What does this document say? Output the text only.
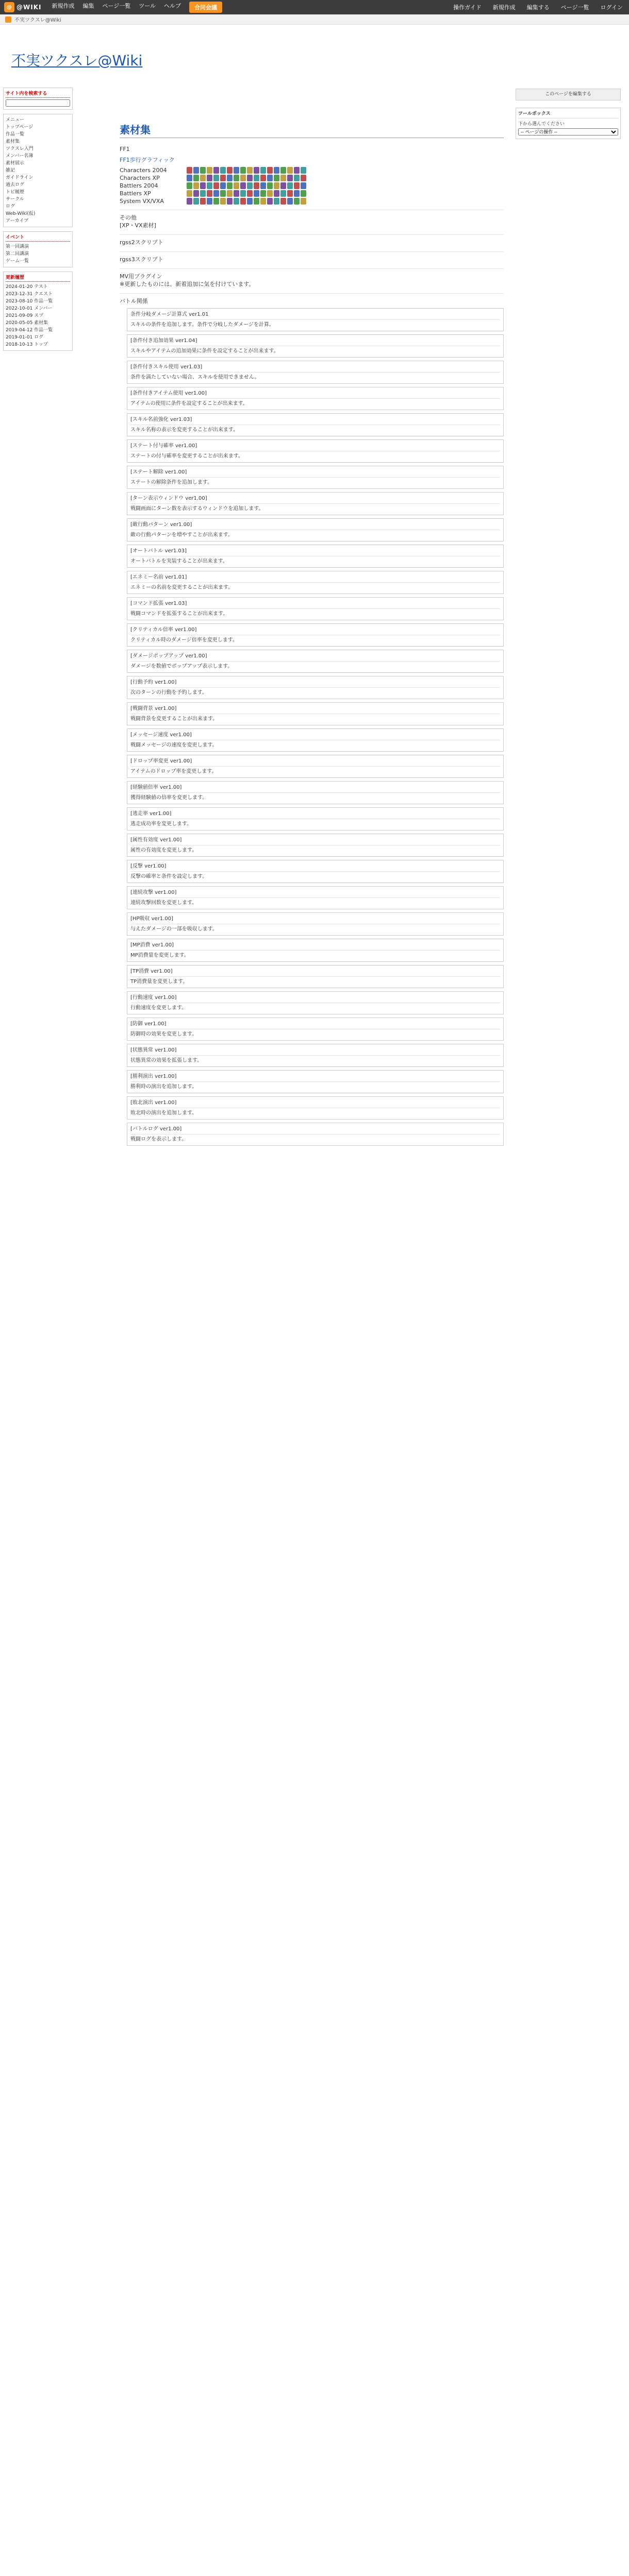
@ @WIKI 新規作成 編集 ページ一覧 ツール ヘルプ	合同会議	操作ガイド 新規作成 編集する ページ一覧 ログイン
不実ツクスレ@Wiki
不実ツクスレ@Wiki
サイト内を検索する
メニュー
トップページ
作品一覧
素材集
ツクスレ入門
メンバー名簿
素材展示
雑記
ガイドライン
過去ログ
トピ履歴
サークル
ログ
Web-Wiki(仮)
アーカイブ
イベント
第一回講演
第二回講演
ゲーム一覧
更新履歴
2024-01-20 テスト
2023-12-31 クエスト
2023-08-10 作品一覧
2022-10-01 メンバー
2021-09-09 スプ
2020-05-05 素材集
2019-04-12 作品一覧
2019-01-01 ログ
2018-10-13 トップ
素材集
FF1
FF1歩行グラフィック
Characters 2004
Characters XP
Battlers 2004
Battlers XP
System VX/VXA
その他
[XP・VX素材]
rgss2スクリプト
rgss3スクリプト
MV用プラグイン
※更新したものには、新着追加に気を付けています。
バトル関係
条件分岐ダメージ計算式 ver1.01
スキルの条件を追加します。条件で分岐したダメージを計算。
[条件付き追加効果 ver1.04]
スキルやアイテムの追加効果に条件を設定することが出来ます。
[条件付きスキル使用 ver1.03]
条件を満たしていない場合、スキルを使用できません。
[条件付きアイテム使用 ver1.00]
アイテムの使用に条件を設定することが出来ます。
[スキル名前強化 ver1.03]
スキル名称の表示を変更することが出来ます。
[ステート付与確率 ver1.00]
ステートの付与確率を変更することが出来ます。
[ステート解除 ver1.00]
ステートの解除条件を追加します。
[ターン表示ウィンドウ ver1.00]
戦闘画面にターン数を表示するウィンドウを追加します。
[敵行動パターン ver1.00]
敵の行動パターンを増やすことが出来ます。
[オートバトル ver1.03]
オートバトルを実装することが出来ます。
[エネミー名前 ver1.01]
エネミーの名前を変更することが出来ます。
[コマンド拡張 ver1.03]
戦闘コマンドを拡張することが出来ます。
[クリティカル倍率 ver1.00]
クリティカル時のダメージ倍率を変更します。
[ダメージポップアップ ver1.00]
ダメージを数値でポップアップ表示します。
[行動予約 ver1.00]
次のターンの行動を予約します。
[戦闘背景 ver1.00]
戦闘背景を変更することが出来ます。
[メッセージ速度 ver1.00]
戦闘メッセージの速度を変更します。
[ドロップ率変更 ver1.00]
アイテムのドロップ率を変更します。
[経験値倍率 ver1.00]
獲得経験値の倍率を変更します。
[逃走率 ver1.00]
逃走成功率を変更します。
[属性有効度 ver1.00]
属性の有効度を変更します。
[反撃 ver1.00]
反撃の確率と条件を設定します。
[連続攻撃 ver1.00]
連続攻撃回数を変更します。
[HP吸収 ver1.00]
与えたダメージの一部を吸収します。
[MP消費 ver1.00]
MP消費量を変更します。
[TP消費 ver1.00]
TP消費量を変更します。
[行動速度 ver1.00]
行動速度を変更します。
[防御 ver1.00]
防御時の効果を変更します。
[状態異常 ver1.00]
状態異常の効果を拡張します。
[勝利演出 ver1.00]
勝利時の演出を追加します。
[敗北演出 ver1.00]
敗北時の演出を追加します。
[バトルログ ver1.00]
戦闘ログを表示します。
このページを編集する
ツールボックス
下から選んでください
-- ページの操作 --
